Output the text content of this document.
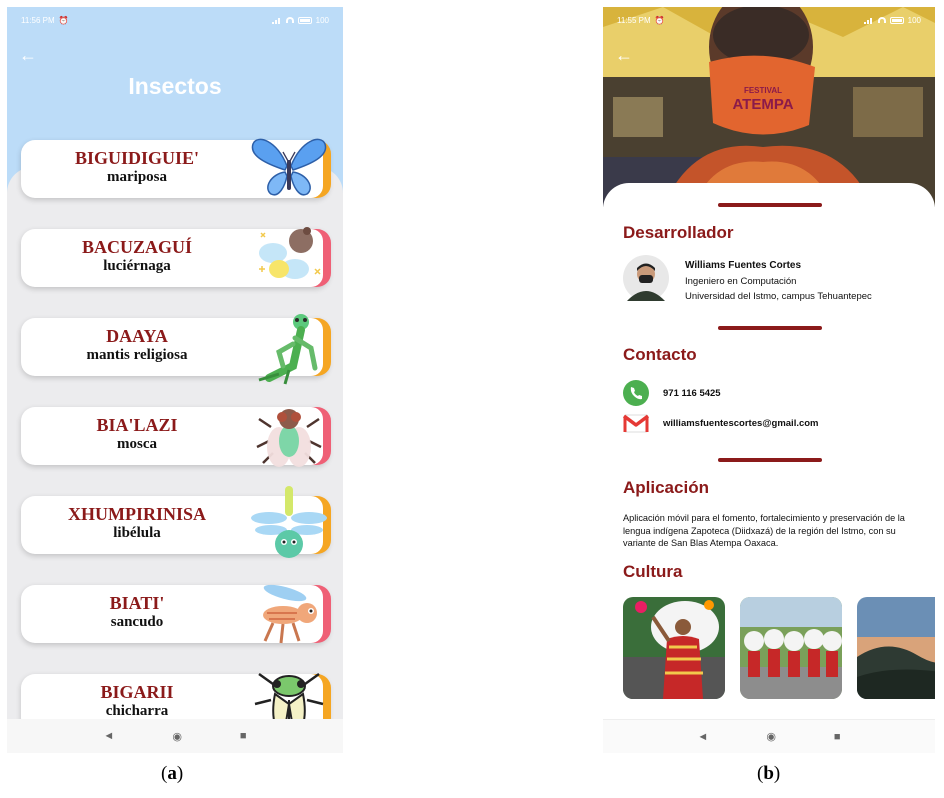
11:56 PM ⏰	100
←
Insectos
BIGUIDIGUIE'
mariposa
BACUZAGUÍ
luciérnaga
DAAYA
mantis religiosa
BIA'LAZI
mosca
XHUMPIRINISA
libélula
BIATI'
sancudo
BIGARII
chicharra
◄	◉	■
FESTIVAL
ATEMPA
11:55 PM ⏰	100
←
Desarrollador
Williams Fuentes Cortes
Ingeniero en Computación
Universidad del Istmo, campus Tehuantepec
Contacto
971 116 5425
williamsfuentescortes@gmail.com
Aplicación
Aplicación móvil para el fomento, fortalecimiento y preservación de la lengua indígena Zapoteca (Diidxazá) de la región del Istmo, con su variante de San Blas Atempa Oaxaca.
Cultura
◄	◉	■
(a)	(b)
